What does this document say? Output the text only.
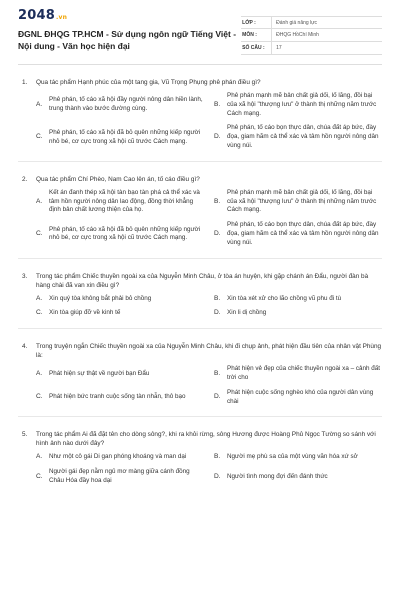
2048.vn
ĐGNL ĐHQG TP.HCM - Sử dụng ngôn ngữ Tiếng Việt - Nội dung - Văn học hiện đại
LỚP :	Đánh giá năng lực
MÔN :	ĐHQG HồChí Minh
SỐ CÂU :	17
1.	Qua tác phẩm Hạnh phúc của một tang gia, Vũ Trọng Phụng phê phán điều gì?
A.
Phê phán, tố cáo xã hội đầy người nông dân hiền lành, trung thành vào bước đường cùng.
B.
Phê phán mạnh mẽ bản chất giả dối, lố lăng, đồi bại của xã hội "thượng lưu" ở thành thị những năm trước Cách mạng.
C.
Phê phán, tố cáo xã hội đã bỏ quên những kiếp người nhỏ bé, cơ cực trong xã hội cũ trước Cách mạng.
D.
Phê phán, tố cáo bọn thực dân, chúa đất áp bức, đày đọa, giam hãm cả thể xác và tâm hồn người nông dân vùng núi.
2.	Qua tác phẩm Chí Phèo, Nam Cao lên án, tố cáo điều gì?
A.
Kết án đanh thép xã hội tàn bạo tàn phá cả thể xác và tâm hồn người nông dân lao động, đồng thời khẳng định bản chất lương thiện của họ.
B.
Phê phán mạnh mẽ bản chất giả dối, lố lăng, đồi bại của xã hội "thượng lưu" ở thành thị những năm trước Cách mạng.
C.
Phê phán, tố cáo xã hội đã bỏ quên những kiếp người nhỏ bé, cơ cực trong xã hội cũ trước Cách mạng.
D.
Phê phán, tố cáo bọn thực dân, chúa đất áp bức, đày đọa, giam hãm cả thể xác và tâm hồn người nông dân vùng núi.
3.	Trong tác phẩm Chiếc thuyền ngoài xa của Nguyễn Minh Châu, ở tòa án huyện, khi gặp chánh án Đẩu, người đàn bà hàng chài đã van xin điều gì?
A.	Xin quý tòa không bắt phải bỏ chồng	B.	Xin tòa xét xử cho lão chồng vũ phu đi tù
C.	Xin tòa giúp đỡ về kinh tế	D.	Xin li dị chồng
4.	Trong truyện ngắn Chiếc thuyền ngoài xa của Nguyễn Minh Châu, khi đi chụp ảnh, phát hiện đầu tiên của nhân vật Phùng là:
A.	Phát hiện sự thật về người bạn Đẩu	B.
Phát hiện vẻ đẹp của chiếc thuyền ngoài xa – cảnh đất trời cho
C.	Phát hiện bức tranh cuộc sống tàn nhẫn, thô bạo	D.
Phát hiện cuộc sống nghèo khó của người dân vùng chài
5.	Trong tác phẩm Ai đã đặt tên cho dòng sông?, khi ra khỏi rừng, sông Hương được Hoàng Phủ Ngọc Tường so sánh với hình ảnh nào dưới đây?
A.	Như một cô gái Di gan phóng khoáng và man dại	B.	Người mẹ phù sa của một vùng văn hóa xứ sở
C.
Người gái đẹp nằm ngủ mơ màng giữa cánh đồng Châu Hóa đầy hoa dại
D.	Người tình mong đợi đến đánh thức
